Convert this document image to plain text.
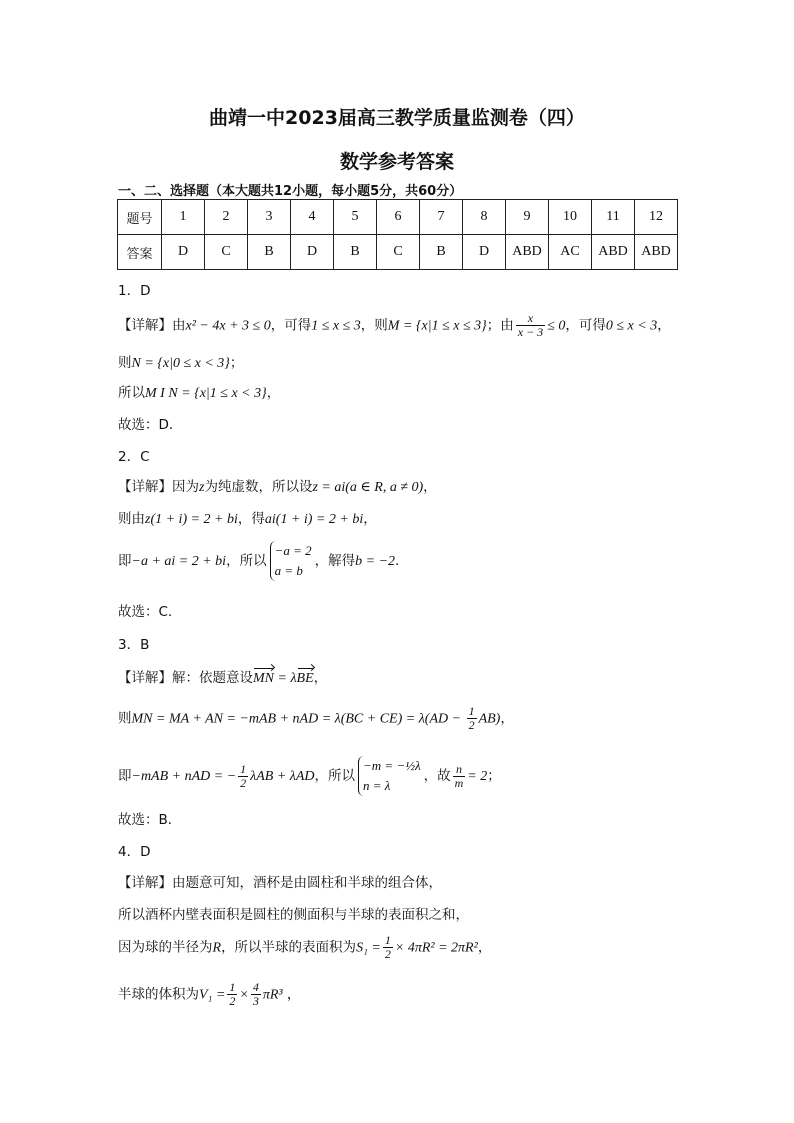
曲靖一中2023届高三教学质量监测卷（四）
数学参考答案
一、二、选择题（本大题共12小题，每小题5分，共60分）
题号	1	2	3	4	5	6	7	8	9	10	11	12
答案	D	C	B	D	B	C	B	D	ABD	AC	ABD	ABD
1．D
【详解】由x² − 4x + 3 ≤ 0，可得1 ≤ x ≤ 3，则M = {x|1 ≤ x ≤ 3}；由 $\frac{x}{x - 3} \le 0$，可得0 ≤ x < 3，
则N = {x|0 ≤ x < 3}；
所以M I N = {x|1 ≤ x < 3}，
故选：D．
2．C
【详解】因为z为纯虚数，所以设z = ai(a ∈ R, a ≠ 0)，
则由z(1 + i) = 2 + bi，得ai(1 + i) = 2 + bi，
即−a + ai = 2 + bi，所以
−a = 2
a = b
，解得b = −2.
故选：C.
3．B
【详解】解：依题意设MN = λBE，
则MN = MA + AN = −mAB + nAD = $\lambda(BC + CE) = \lambda(AD - \frac{1}{2} AB)$，
即−mAB + nAD = − $\frac{1}{2}$ λAB + λAD，所以
−m = −½λ
n = λ
，故 $\frac{n}{m} = 2$；
故选：B．
4．D
【详解】由题意可知，酒杯是由圆柱和半球的组合体，
所以酒杯内壁表面积是圆柱的侧面积与半球的表面积之和，
因为球的半径为R，所以半球的表面积为$S_1 = \frac{1}{2} \times 4\pi R^2 = 2\pi R^2$，
半球的体积为$V_1 = \frac{1}{2} \times \frac{4}{3} \pi R^3$ ，
